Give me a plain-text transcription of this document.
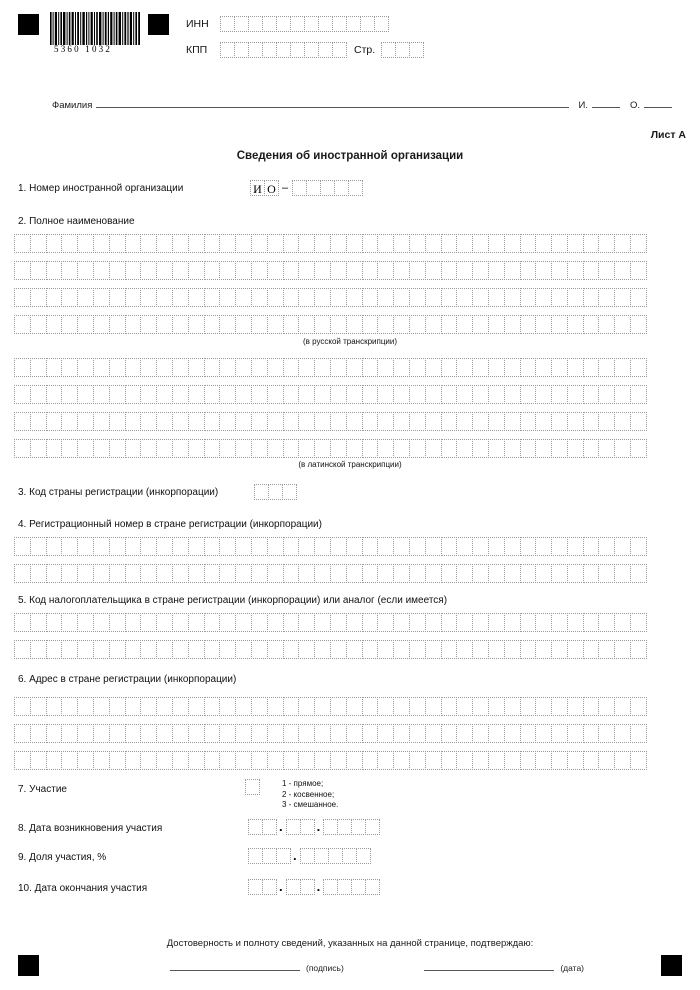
5360 1032
ИНН
КПП	Стр.
Фамилия	И.	О.
Лист А
Сведения об иностранной организации
1. Номер иностранной организации	И О –
2. Полное наименование
(в русской транскрипции)
(в латинской транскрипции)
3. Код страны регистрации (инкорпорации)
4. Регистрационный номер в стране регистрации (инкорпорации)
5. Код налогоплательщика в стране регистрации (инкорпорации) или аналог (если имеется)
6. Адрес в стране регистрации (инкорпорации)
7. Участие
1 - прямое;
2 - косвенное;
3 - смешанное.
8. Дата возникновения участия	.	.
9. Доля участия, %	.
10. Дата окончания участия	.	.
Достоверность и полноту сведений, указанных на данной странице, подтверждаю:
(подпись)	(дата)
